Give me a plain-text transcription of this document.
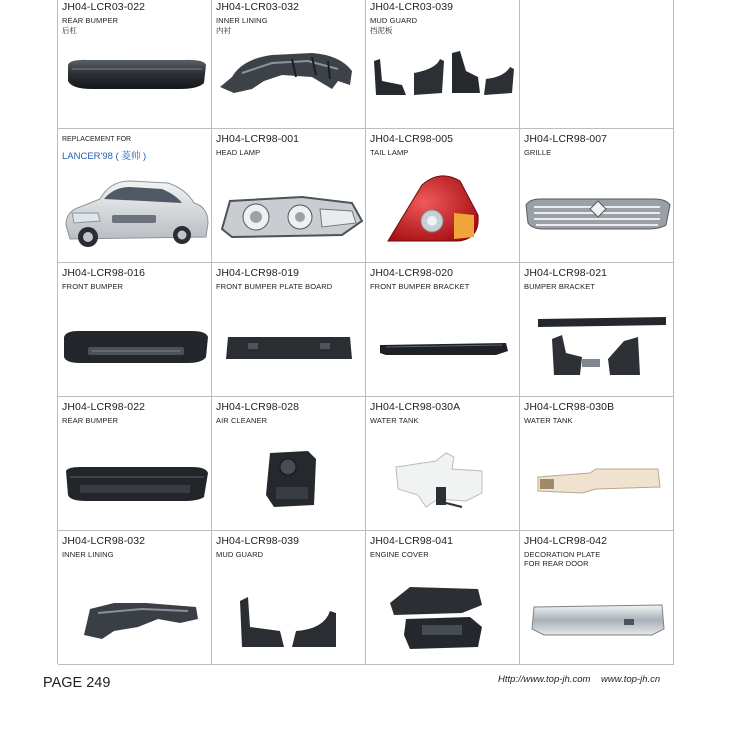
JH04-LCR03-022
REAR BUMPER
后杠
JH04-LCR03-032
INNER LINING
内衬
JH04-LCR03-039
MUD GUARD
挡泥板
REPLACEMENT FOR
LANCER'98 ( 菱帅 )
JH04-LCR98-001
HEAD LAMP
JH04-LCR98-005
TAIL LAMP
JH04-LCR98-007
GRILLE
JH04-LCR98-016
FRONT BUMPER
JH04-LCR98-019
FRONT BUMPER PLATE BOARD
JH04-LCR98-020
FRONT BUMPER BRACKET
JH04-LCR98-021
BUMPER BRACKET
JH04-LCR98-022
REAR BUMPER
JH04-LCR98-028
AIR CLEANER
JH04-LCR98-030A
WATER TANK
JH04-LCR98-030B
WATER TANK
JH04-LCR98-032
INNER LINING
JH04-LCR98-039
MUD GUARD
JH04-LCR98-041
ENGINE COVER
JH04-LCR98-042
DECORATION PLATE
FOR REAR DOOR
PAGE 249	Http://www.top-jh.com www.top-jh.cn
